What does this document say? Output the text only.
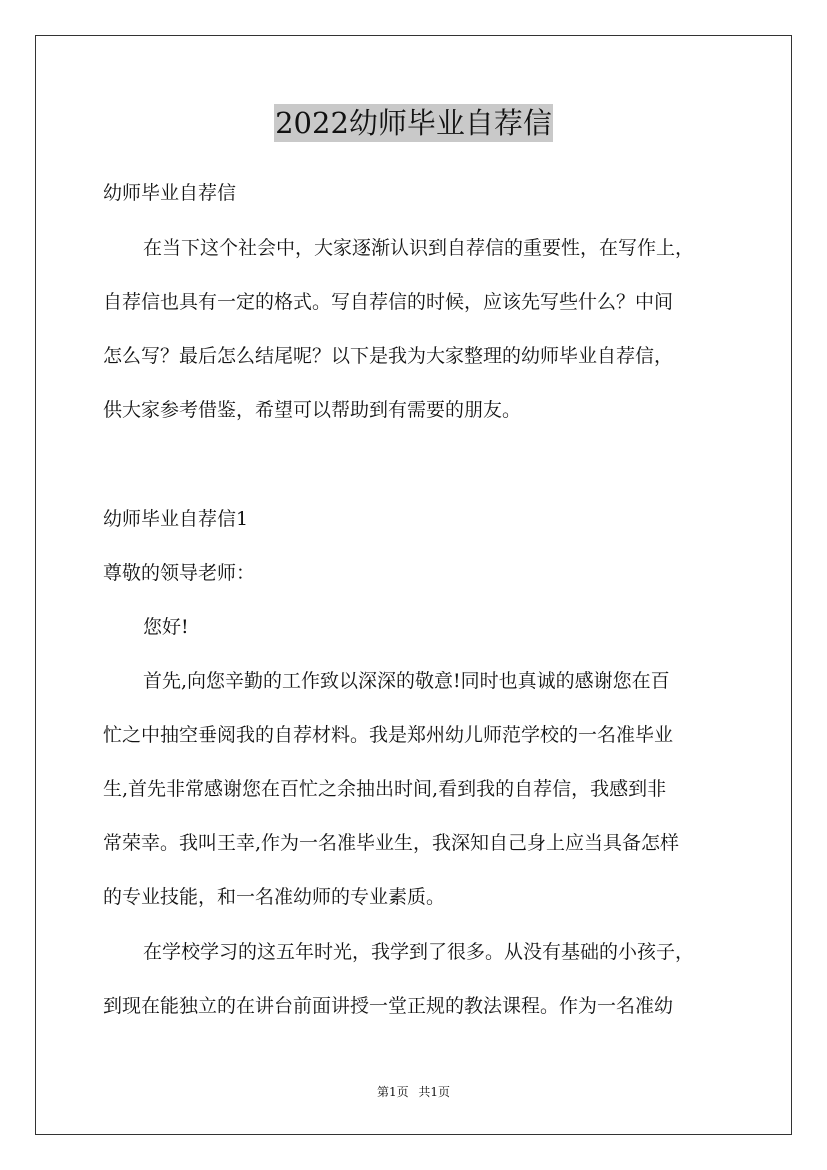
2022幼师毕业自荐信
幼师毕业自荐信
在当下这个社会中，大家逐渐认识到自荐信的重要性，在写作上，
自荐信也具有一定的格式。写自荐信的时候，应该先写些什么？中间
怎么写？最后怎么结尾呢？以下是我为大家整理的幼师毕业自荐信，
供大家参考借鉴，希望可以帮助到有需要的朋友。
幼师毕业自荐信1
尊敬的领导老师：
您好!
首先,向您辛勤的工作致以深深的敬意!同时也真诚的感谢您在百
忙之中抽空垂阅我的自荐材料。我是郑州幼儿师范学校的一名准毕业
生,首先非常感谢您在百忙之余抽出时间,看到我的自荐信，我感到非
常荣幸。我叫王幸,作为一名准毕业生，我深知自己身上应当具备怎样
的专业技能，和一名准幼师的专业素质。
在学校学习的这五年时光，我学到了很多。从没有基础的小孩子，
到现在能独立的在讲台前面讲授一堂正规的教法课程。作为一名准幼
第1页 共1页
